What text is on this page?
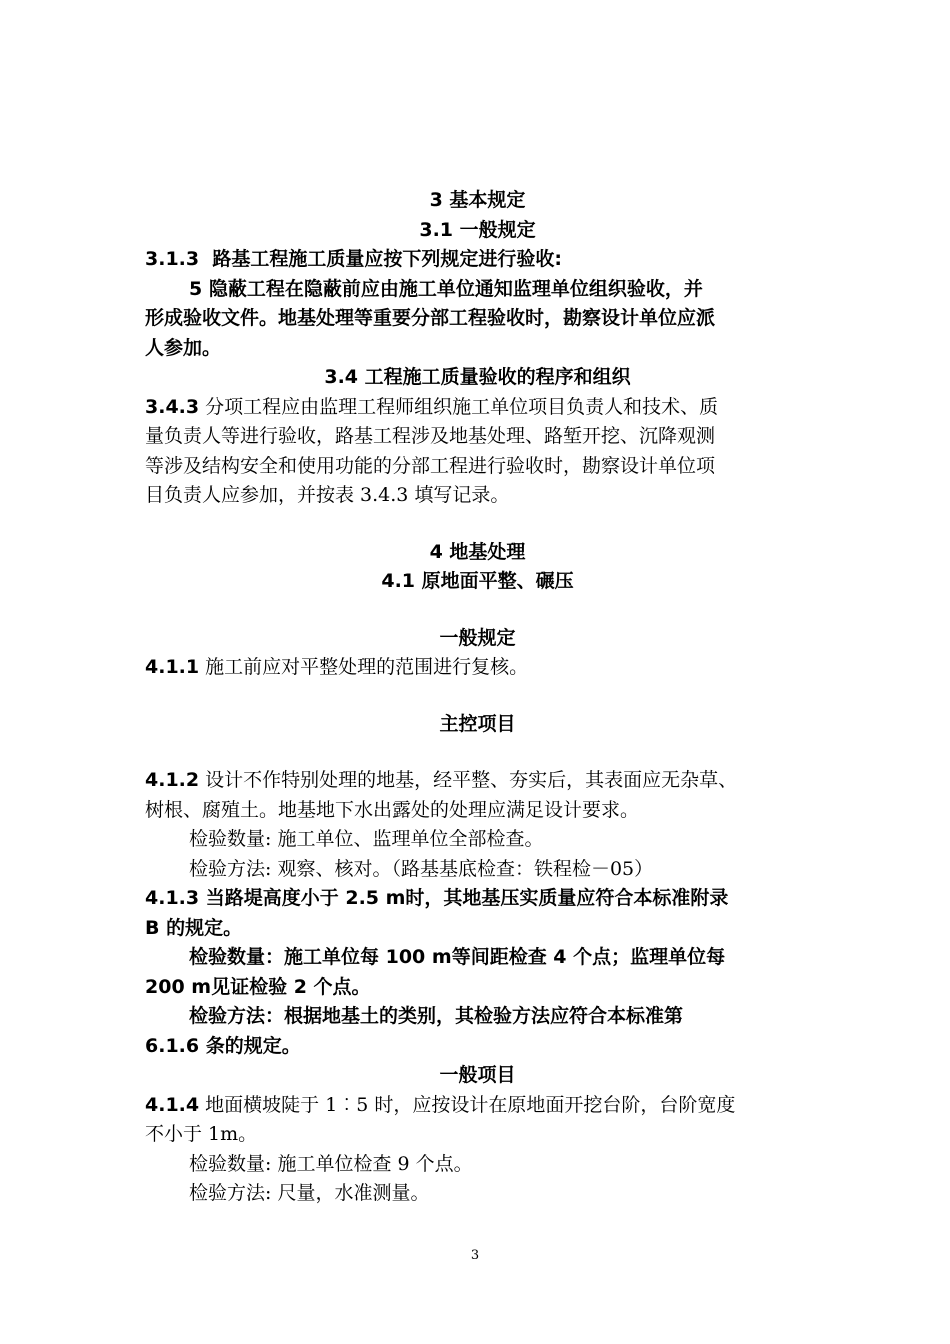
3 基本规定
3.1 一般规定
3.1.3 路基工程施工质量应按下列规定进行验收:
5 隐蔽工程在隐蔽前应由施工单位通知监理单位组织验收，并
形成验收文件。地基处理等重要分部工程验收时，勘察设计单位应派
人参加。
3.4 工程施工质量验收的程序和组织
3.4.3 分项工程应由监理工程师组织施工单位项目负责人和技术、质
量负责人等进行验收，路基工程涉及地基处理、路堑开挖、沉降观测
等涉及结构安全和使用功能的分部工程进行验收时，勘察设计单位项
目负责人应参加，并按表 3.4.3 填写记录。
4 地基处理
4.1 原地面平整、碾压
一般规定
4.1.1 施工前应对平整处理的范围进行复核。
主控项目
4.1.2 设计不作特别处理的地基，经平整、夯实后，其表面应无杂草、
树根、腐殖土。地基地下水出露处的处理应满足设计要求。
检验数量: 施工单位、监理单位全部检查。
检验方法: 观察、核对。（路基基底检查：铁程检－05）
4.1.3 当路堤高度小于 2.5 m时，其地基压实质量应符合本标准附录
B 的规定。
检验数量：施工单位每 100 m等间距检查 4 个点；监理单位每
200 m见证检验 2 个点。
检验方法：根据地基土的类别，其检验方法应符合本标准第
6.1.6 条的规定。
一般项目
4.1.4 地面横坡陡于 1︰5 时，应按设计在原地面开挖台阶，台阶宽度
不小于 1m。
检验数量: 施工单位检查 9 个点。
检验方法: 尺量，水准测量。
3
